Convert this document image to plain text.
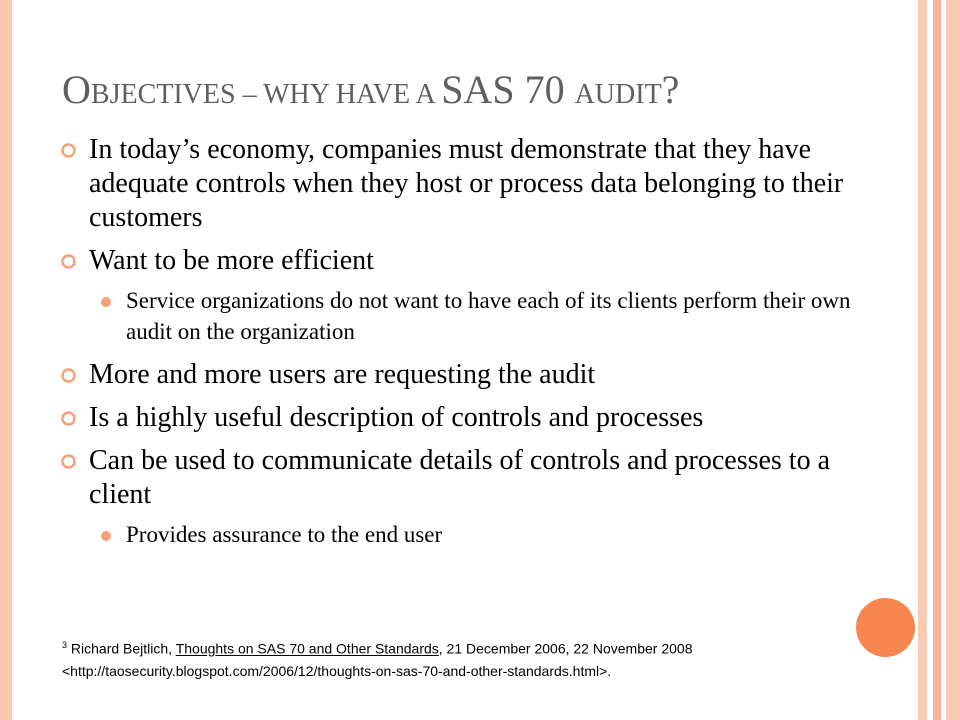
OBJECTIVES – WHY HAVE A SAS 70 AUDIT?
In today’s economy, companies must demonstrate that they have adequate controls when they host or process data belonging to their customers
Want to be more efficient
Service organizations do not want to have each of its clients perform their own audit on the organization
More and more users are requesting the audit
Is a highly useful description of controls and processes
Can be used to communicate details of controls and processes to a client
Provides assurance to the end user
$^3$ Richard Bejtlich, Thoughts on SAS 70 and Other Standards, 21 December 2006, 22 November 2008
<http://taosecurity.blogspot.com/2006/12/thoughts-on-sas-70-and-other-standards.html>.
